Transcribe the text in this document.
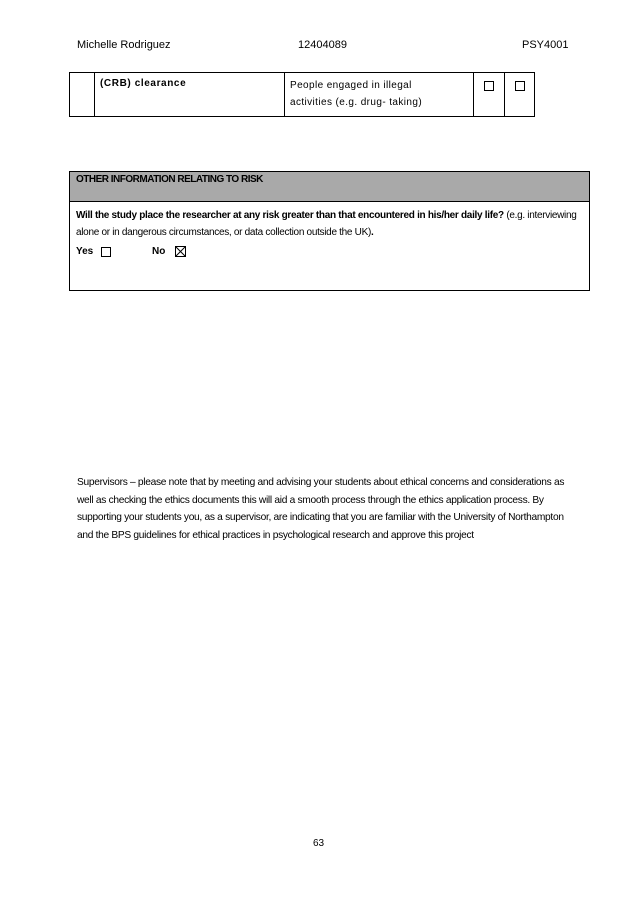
Michelle Rodriguez	12404089	PSY4001
(CRB) clearance	People engaged in illegal activities (e.g. drug- taking)
OTHER INFORMATION RELATING TO RISK
Will the study place the researcher at any risk greater than that encountered in his/her daily life? (e.g. interviewing alone or in dangerous circumstances, or data collection outside the UK).
Yes	No
Supervisors – please note that by meeting and advising your students about ethical concerns and considerations as well as checking the ethics documents this will aid a smooth process through the ethics application process. By supporting your students you, as a supervisor, are indicating that you are familiar with the University of Northampton and the BPS guidelines for ethical practices in psychological research and approve this project
63
